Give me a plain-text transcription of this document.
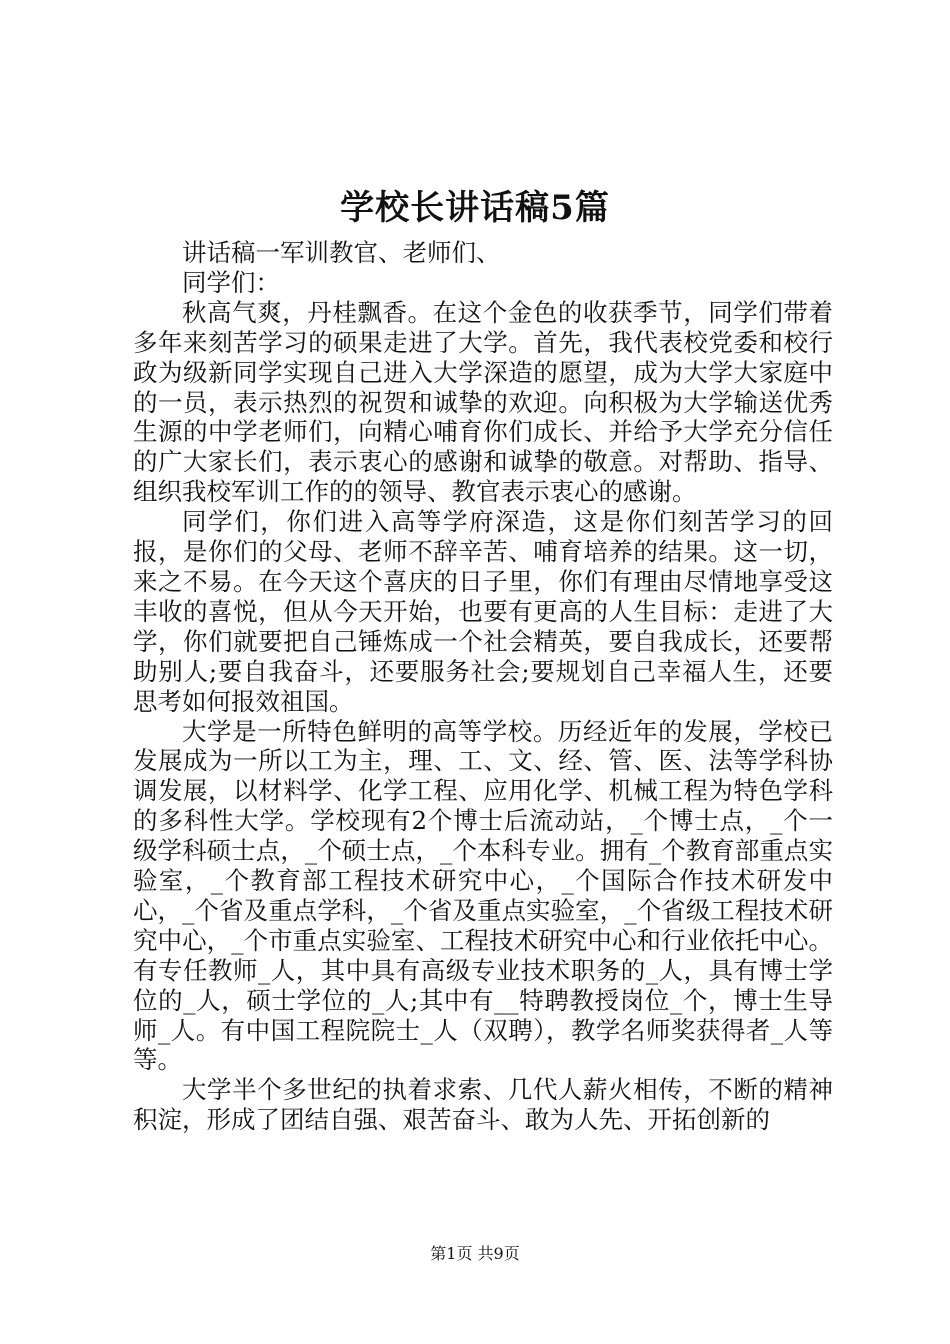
学校长讲话稿5篇

讲话稿一军训教官、老师们、

同学们：

秋高气爽，丹桂飘香。在这个金色的收获季节，同学们带着多年来刻苦学习的硕果走进了大学。首先，我代表校党委和校行政为级新同学实现自己进入大学深造的愿望，成为大学大家庭中的一员，表示热烈的祝贺和诚挚的欢迎。向积极为大学输送优秀生源的中学老师们，向精心哺育你们成长、并给予大学充分信任的广大家长们，表示衷心的感谢和诚挚的敬意。对帮助、指导、组织我校军训工作的的领导、教官表示衷心的感谢。

同学们，你们进入高等学府深造，这是你们刻苦学习的回报，是你们的父母、老师不辞辛苦、哺育培养的结果。这一切，来之不易。在今天这个喜庆的日子里，你们有理由尽情地享受这丰收的喜悦，但从今天开始，也要有更高的人生目标：走进了大学，你们就要把自己锤炼成一个社会精英，要自我成长，还要帮助别人;要自我奋斗，还要服务社会;要规划自己幸福人生，还要思考如何报效祖国。

大学是一所特色鲜明的高等学校。历经近年的发展，学校已发展成为一所以工为主，理、工、文、经、管、医、法等学科协调发展，以材料学、化学工程、应用化学、机械工程为特色学科的多科性大学。学校现有2个博士后流动站，_个博士点，_个一级学科硕士点，_个硕士点，_个本科专业。拥有_个教育部重点实验室，_个教育部工程技术研究中心，_个国际合作技术研发中心，_个省及重点学科，_个省及重点实验室，_个省级工程技术研究中心，_个市重点实验室、工程技术研究中心和行业依托中心。有专任教师_人，其中具有高级专业技术职务的_人，具有博士学位的_人，硕士学位的_人;其中有__特聘教授岗位_个，博士生导师_人。有中国工程院院士_人（双聘），教学名师奖获得者_人等等。

大学半个多世纪的执着求索、几代人薪火相传，不断的精神积淀，形成了团结自强、艰苦奋斗、敢为人先、开拓创新的

第1页 共9页
